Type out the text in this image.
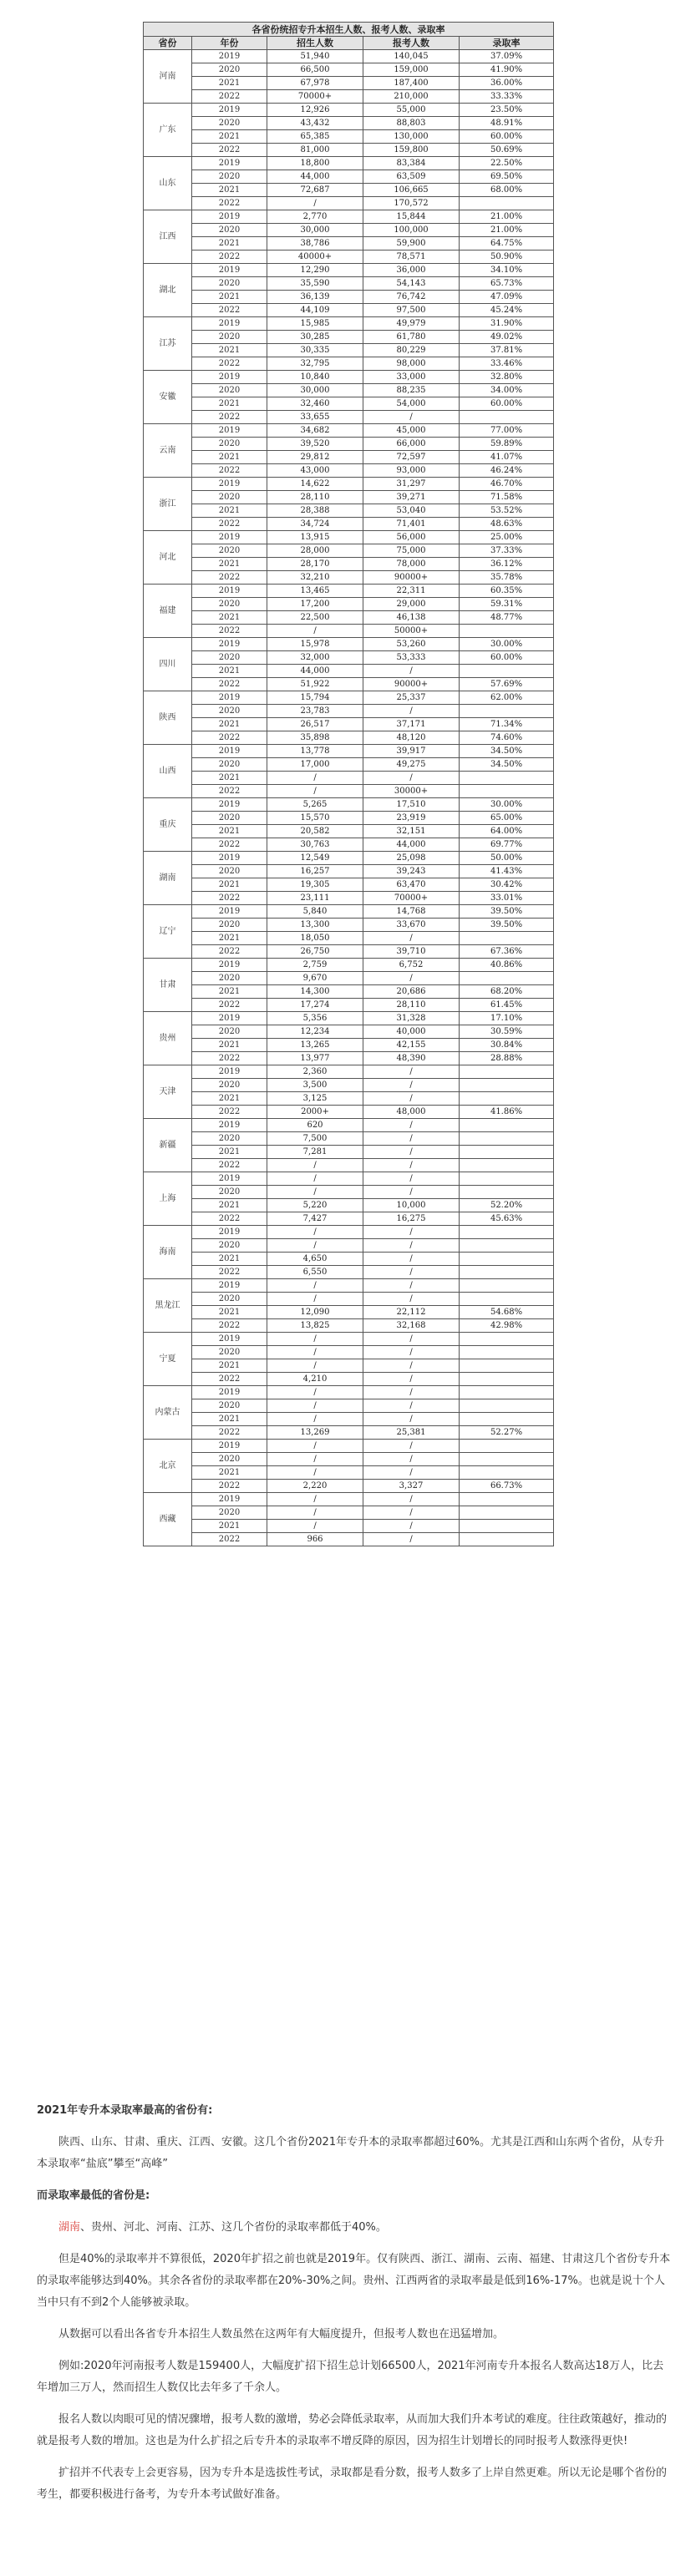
各省份统招专升本招生人数、报考人数、录取率				
省份	年份	招生人数	报考人数	录取率
河南	2019	51,940	140,045	37.09%
	2020	66,500	159,000	41.90%
	2021	67,978	187,400	36.00%
	2022	70000+	210,000	33.33%
广东	2019	12,926	55,000	23.50%
	2020	43,432	88,803	48.91%
	2021	65,385	130,000	60.00%
	2022	81,000	159,800	50.69%
山东	2019	18,800	83,384	22.50%
	2020	44,000	63,509	69.50%
	2021	72,687	106,665	68.00%
	2022	/	170,572	
江西	2019	2,770	15,844	21.00%
	2020	30,000	100,000	21.00%
	2021	38,786	59,900	64.75%
	2022	40000+	78,571	50.90%
湖北	2019	12,290	36,000	34.10%
	2020	35,590	54,143	65.73%
	2021	36,139	76,742	47.09%
	2022	44,109	97,500	45.24%
江苏	2019	15,985	49,979	31.90%
	2020	30,285	61,780	49.02%
	2021	30,335	80,229	37.81%
	2022	32,795	98,000	33.46%
安徽	2019	10,840	33,000	32.80%
	2020	30,000	88,235	34.00%
	2021	32,460	54,000	60.00%
	2022	33,655	/	
云南	2019	34,682	45,000	77.00%
	2020	39,520	66,000	59.89%
	2021	29,812	72,597	41.07%
	2022	43,000	93,000	46.24%
浙江	2019	14,622	31,297	46.70%
	2020	28,110	39,271	71.58%
	2021	28,388	53,040	53.52%
	2022	34,724	71,401	48.63%
河北	2019	13,915	56,000	25.00%
	2020	28,000	75,000	37.33%
	2021	28,170	78,000	36.12%
	2022	32,210	90000+	35.78%
福建	2019	13,465	22,311	60.35%
	2020	17,200	29,000	59.31%
	2021	22,500	46,138	48.77%
	2022	/	50000+	
四川	2019	15,978	53,260	30.00%
	2020	32,000	53,333	60.00%
	2021	44,000	/	
	2022	51,922	90000+	57.69%
陕西	2019	15,794	25,337	62.00%
	2020	23,783	/	
	2021	26,517	37,171	71.34%
	2022	35,898	48,120	74.60%
山西	2019	13,778	39,917	34.50%
	2020	17,000	49,275	34.50%
	2021	/	/	
	2022	/	30000+	
重庆	2019	5,265	17,510	30.00%
	2020	15,570	23,919	65.00%
	2021	20,582	32,151	64.00%
	2022	30,763	44,000	69.77%
湖南	2019	12,549	25,098	50.00%
	2020	16,257	39,243	41.43%
	2021	19,305	63,470	30.42%
	2022	23,111	70000+	33.01%
辽宁	2019	5,840	14,768	39.50%
	2020	13,300	33,670	39.50%
	2021	18,050	/	
	2022	26,750	39,710	67.36%
甘肃	2019	2,759	6,752	40.86%
	2020	9,670	/	
	2021	14,300	20,686	68.20%
	2022	17,274	28,110	61.45%
贵州	2019	5,356	31,328	17.10%
	2020	12,234	40,000	30.59%
	2021	13,265	42,155	30.84%
	2022	13,977	48,390	28.88%
天津	2019	2,360	/	
	2020	3,500	/	
	2021	3,125	/	
	2022	2000+	48,000	41.86%
新疆	2019	620	/	
	2020	7,500	/	
	2021	7,281	/	
	2022	/	/	
上海	2019	/	/	
	2020	/	/	
	2021	5,220	10,000	52.20%
	2022	7,427	16,275	45.63%
海南	2019	/	/	
	2020	/	/	
	2021	4,650	/	
	2022	6,550	/	
黑龙江	2019	/	/	
	2020	/	/	
	2021	12,090	22,112	54.68%
	2022	13,825	32,168	42.98%
宁夏	2019	/	/	
	2020	/	/	
	2021	/	/	
	2022	4,210	/	
内蒙古	2019	/	/	
	2020	/	/	
	2021	/	/	
	2022	13,269	25,381	52.27%
北京	2019	/	/	
	2020	/	/	
	2021	/	/	
	2022	2,220	3,327	66.73%
西藏	2019	/	/	
	2020	/	/	
	2021	/	/	
	2022	966	/	

2021年专升本录取率最高的省份有:

陕西、山东、甘肃、重庆、江西、安徽。这几个省份2021年专升本的录取率都超过60%。尤其是江西和山东两个省份，从专升本录取率“盐底”攀至“高峰”

而录取率最低的省份是:

湖南、贵州、河北、河南、江苏、这几个省份的录取率都低于40%。

但是40%的录取率并不算很低，2020年扩招之前也就是2019年。仅有陕西、浙江、湖南、云南、福建、甘肃这几个省份专升本的录取率能够达到40%。其余各省份的录取率都在20%-30%之间。贵州、江西两省的录取率最是低到16%-17%。也就是说十个人当中只有不到2个人能够被录取。

从数据可以看出各省专升本招生人数虽然在这两年有大幅度提升，但报考人数也在迅猛增加。

例如:2020年河南报考人数是159400人，大幅度扩招下招生总计划66500人，2021年河南专升本报名人数高达18万人，比去年增加三万人，然而招生人数仅比去年多了千余人。

报名人数以肉眼可见的情况骤增，报考人数的激增，势必会降低录取率，从而加大我们升本考试的难度。往往政策越好，推动的就是报考人数的增加。这也是为什么扩招之后专升本的录取率不增反降的原因，因为招生计划增长的同时报考人数涨得更快!

扩招并不代表专上会更容易，因为专升本是选拔性考试，录取都是看分数，报考人数多了上岸自然更难。所以无论是哪个省份的考生，都要积极进行备考，为专升本考试做好准备。
